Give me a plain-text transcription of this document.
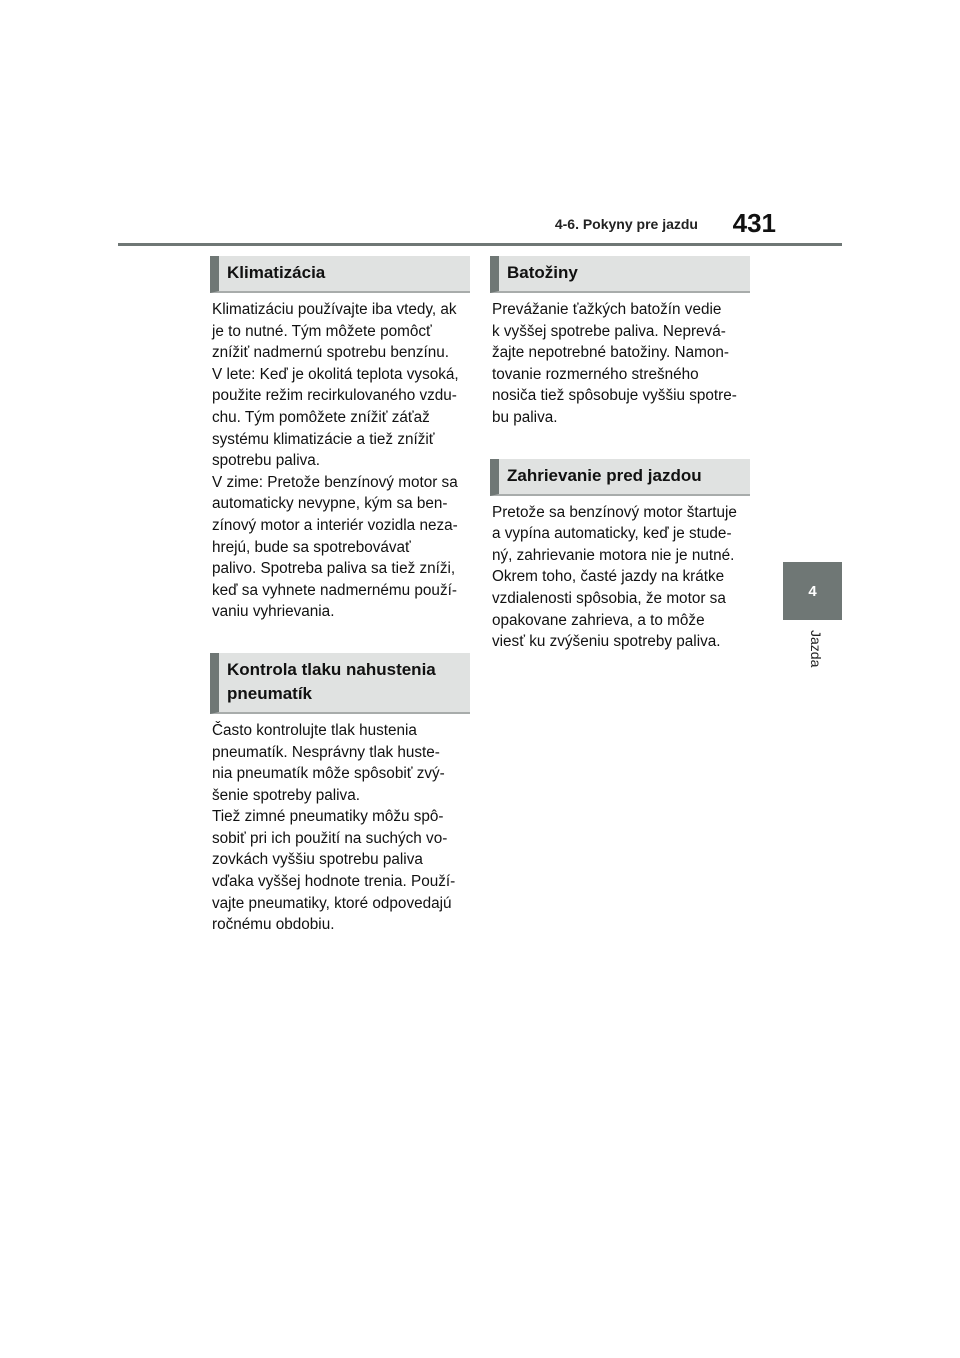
4-6. Pokyny pre jazdu	431
4
Jazda
Klimatizácia

Klimatizáciu používajte iba vtedy, ak
je to nutné. Tým môžete pomôcť
znížiť nadmernú spotrebu benzínu.
V lete: Keď je okolitá teplota vysoká,
použite režim recirkulovaného vzdu-
chu. Tým pomôžete znížiť záťaž
systému klimatizácie a tiež znížiť
spotrebu paliva.
V zime: Pretože benzínový motor sa
automaticky nevypne, kým sa ben-
zínový motor a interiér vozidla neza-
hrejú, bude sa spotrebovávať
palivo. Spotreba paliva sa tiež zníži,
keď sa vyhnete nadmernému použí-
vaniu vyhrievania.

Kontrola tlaku nahustenia
pneumatík

Často kontrolujte tlak hustenia
pneumatík. Nesprávny tlak huste-
nia pneumatík môže spôsobiť zvý-
šenie spotreby paliva.
Tiež zimné pneumatiky môžu spô-
sobiť pri ich použití na suchých vo-
zovkách vyššiu spotrebu paliva
vďaka vyššej hodnote trenia. Použí-
vajte pneumatiky, ktoré odpovedajú
ročnému obdobiu.

Batožiny

Prevážanie ťažkých batožín vedie
k vyššej spotrebe paliva. Neprevá-
žajte nepotrebné batožiny. Namon-
tovanie rozmerného strešného
nosiča tiež spôsobuje vyššiu spotre-
bu paliva.

Zahrievanie pred jazdou

Pretože sa benzínový motor štartuje
a vypína automaticky, keď je stude-
ný, zahrievanie motora nie je nutné.
Okrem toho, časté jazdy na krátke
vzdialenosti spôsobia, že motor sa
opakovane zahrieva, a to môže
viesť ku zvýšeniu spotreby paliva.
